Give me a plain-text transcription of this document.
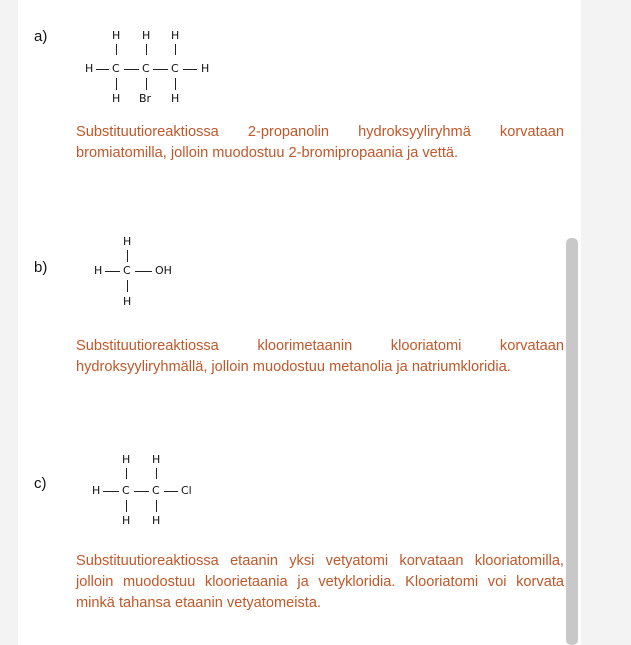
a)	H H H
H C C C H
H Br H
Substituutioreaktiossa 2-propanolin hydroksyyliryhmä korvataan bromiatomilla, jolloin muodostuu 2-bromipropaania ja vettä.
b)
H
H C OH
H
Substituutioreaktiossa kloorimetaanin klooriatomi korvataan hydroksyyliryhmällä, jolloin muodostuu metanolia ja natriumkloridia.
c)
H H
H C C Cl
H H
Substituutioreaktiossa etaanin yksi vetyatomi korvataan klooriatomilla, jolloin muodostuu kloorietaania ja vetykloridia. Klooriatomi voi korvata minkä tahansa etaanin vetyatomeista.
